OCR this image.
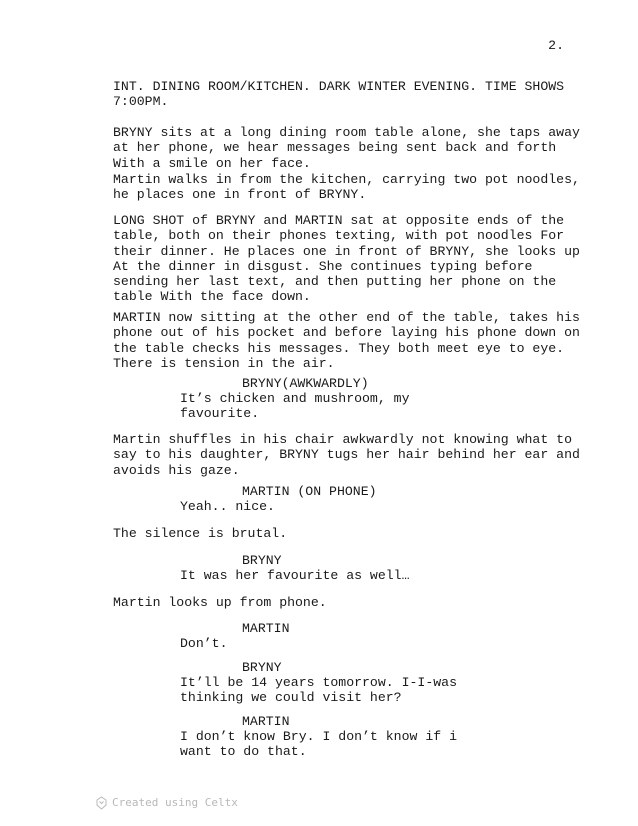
2.

INT. DINING ROOM/KITCHEN. DARK WINTER EVENING. TIME SHOWS 7:00PM.

BRYNY sits at a long dining room table alone, she taps away at her phone, we hear messages being sent back and forth With a smile on her face.

Martin walks in from the kitchen, carrying two pot noodles, he places one in front of BRYNY.

LONG SHOT of BRYNY and MARTIN sat at opposite ends of the table, both on their phones texting, with pot noodles For their dinner. He places one in front of BRYNY, she looks up At the dinner in disgust. She continues typing before sending her last text, and then putting her phone on the table With the face down.

MARTIN now sitting at the other end of the table, takes his phone out of his pocket and before laying his phone down on the table checks his messages. They both meet eye to eye. There is tension in the air.

BRYNY(AWKWARDLY)
It’s chicken and mushroom, my favourite.

Martin shuffles in his chair awkwardly not knowing what to say to his daughter, BRYNY tugs her hair behind her ear and avoids his gaze.

MARTIN (ON PHONE)
Yeah.. nice.

The silence is brutal.

BRYNY
It was her favourite as well…

Martin looks up from phone.

MARTIN
Don’t.
BRYNY
It’ll be 14 years tomorrow. I-I-was thinking we could visit her?
MARTIN
I don’t know Bry. I don’t know if i want to do that.
Created using Celtx
